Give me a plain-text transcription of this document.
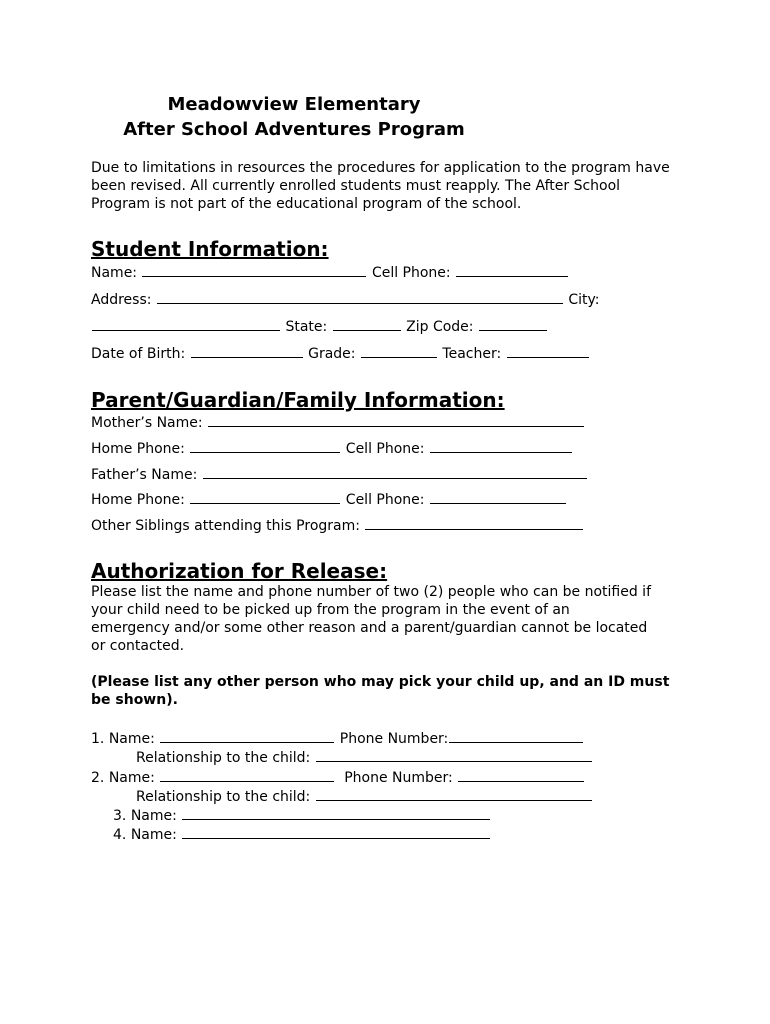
Meadowview Elementary
After School Adventures Program
Due to limitations in resources the procedures for application to the program have been revised. All currently enrolled students must reapply. The After School Program is not part of the educational program of the school.
Student Information:
Name:	Cell Phone:
Address:	City:
State:	Zip Code:
Date of Birth:	Grade:	Teacher:
Parent/Guardian/Family Information:
Mother’s Name:
Home Phone:	Cell Phone:
Father’s Name:
Home Phone:	Cell Phone:
Other Siblings attending this Program:
Authorization for Release:
Please list the name and phone number of two (2) people who can be notified if your child need to be picked up from the program in the event of an emergency and/or some other reason and a parent/guardian cannot be located or contacted.
(Please list any other person who may pick your child up, and an ID must be shown).
1. Name:	Phone Number:
Relationship to the child:
2. Name:	Phone Number:
Relationship to the child:
3. Name:
4. Name:
